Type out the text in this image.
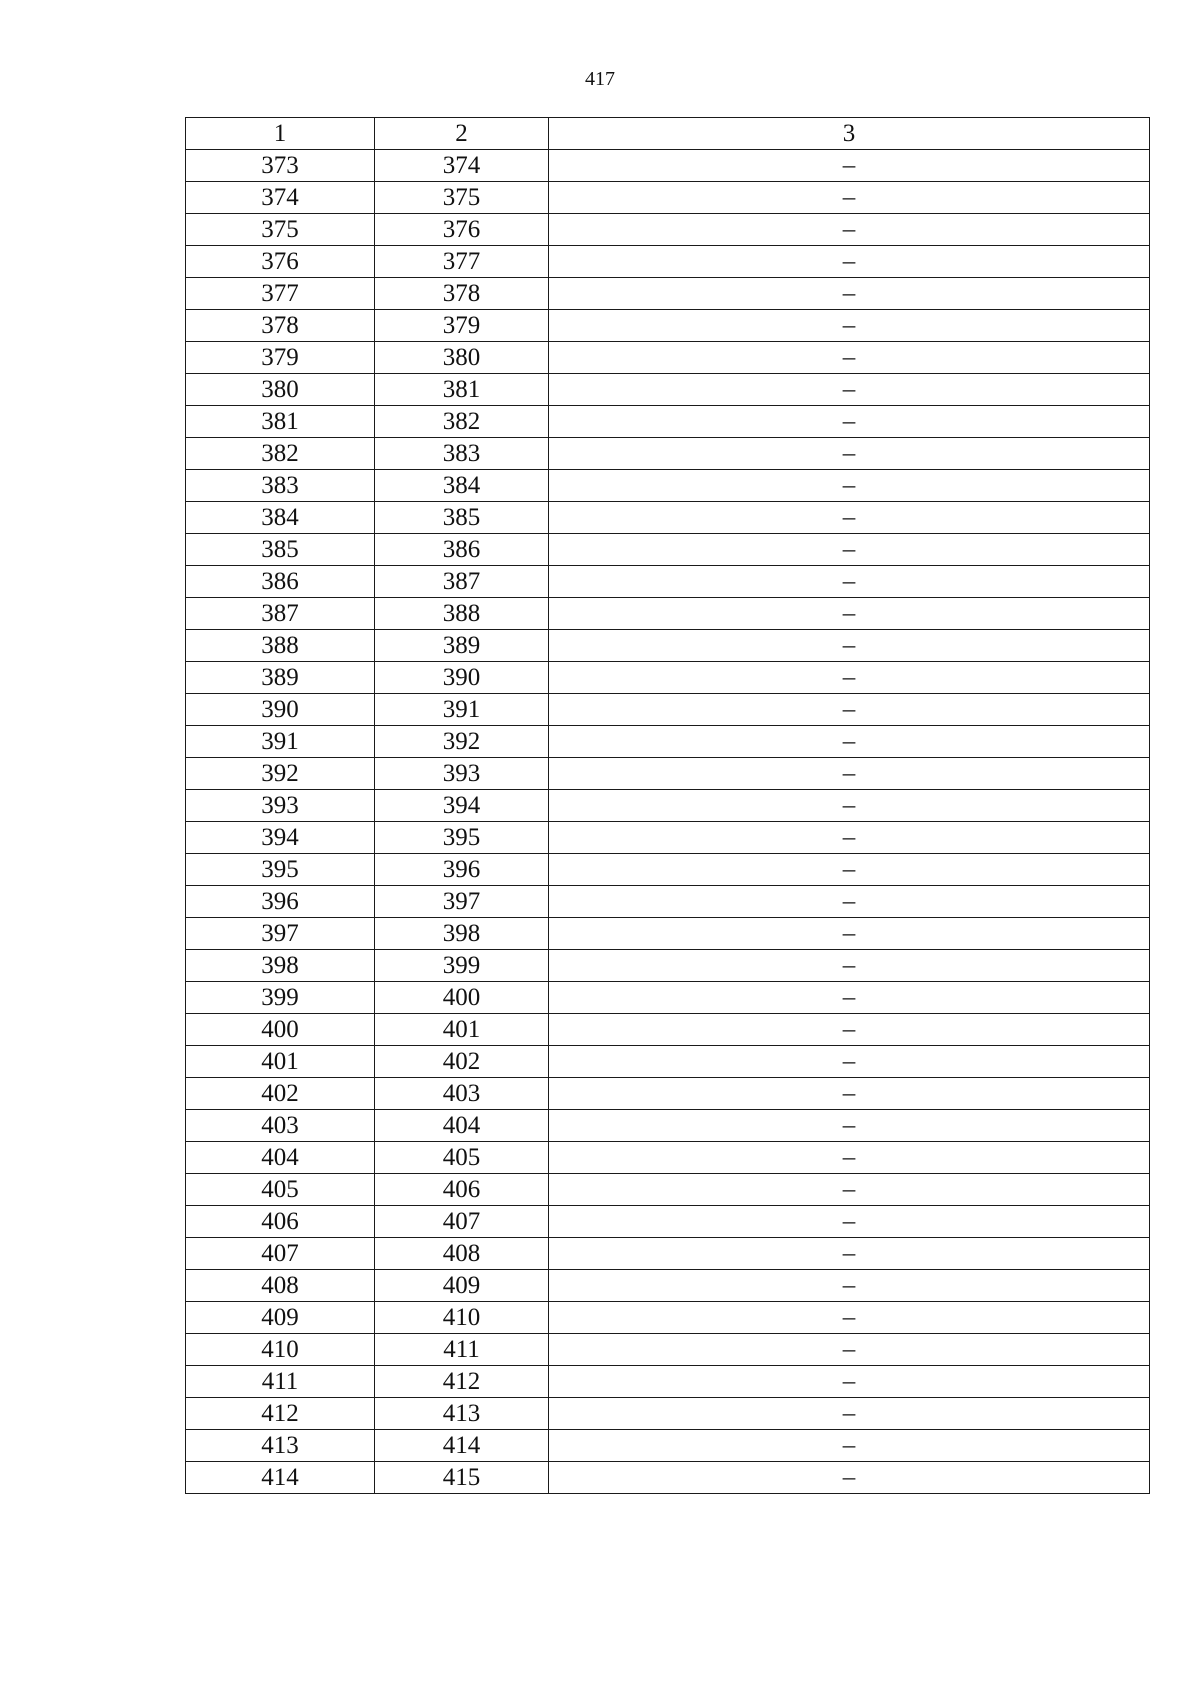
417
1	2	3
373	374	–
374	375	–
375	376	–
376	377	–
377	378	–
378	379	–
379	380	–
380	381	–
381	382	–
382	383	–
383	384	–
384	385	–
385	386	–
386	387	–
387	388	–
388	389	–
389	390	–
390	391	–
391	392	–
392	393	–
393	394	–
394	395	–
395	396	–
396	397	–
397	398	–
398	399	–
399	400	–
400	401	–
401	402	–
402	403	–
403	404	–
404	405	–
405	406	–
406	407	–
407	408	–
408	409	–
409	410	–
410	411	–
411	412	–
412	413	–
413	414	–
414	415	–
